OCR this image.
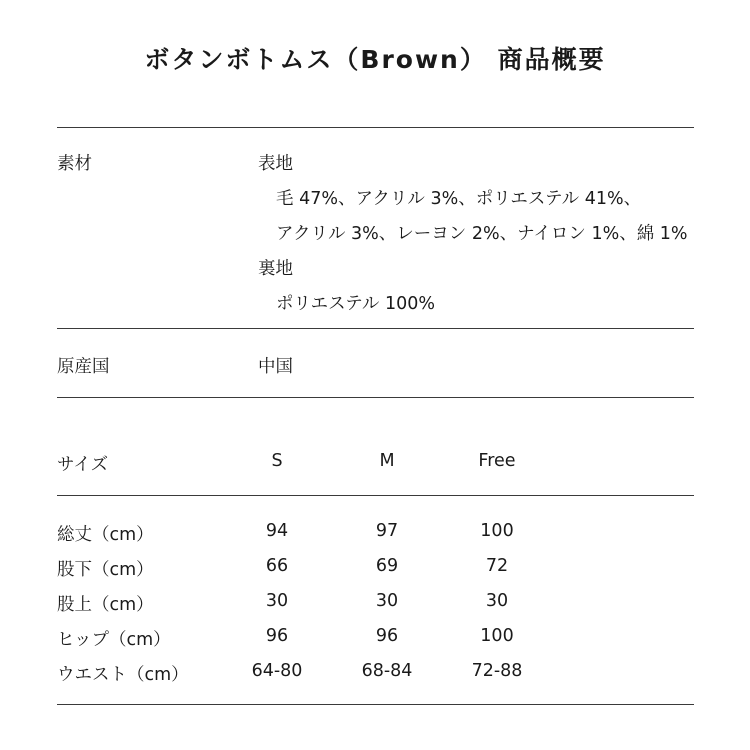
ボタンボトムス（Brown） 商品概要
素材	表地
毛 47%、アクリル 3%、ポリエステル 41%、
アクリル 3%、レーヨン 2%、ナイロン 1%、綿 1%
裏地
ポリエステル 100%
原産国	中国
サイズ	S	M	Free
総丈（cm）	94	97	100
股下（cm）	66	69	72
股上（cm）	30	30	30
ヒップ（cm）	96	96	100
ウエスト（cm）	64-80	68-84	72-88
